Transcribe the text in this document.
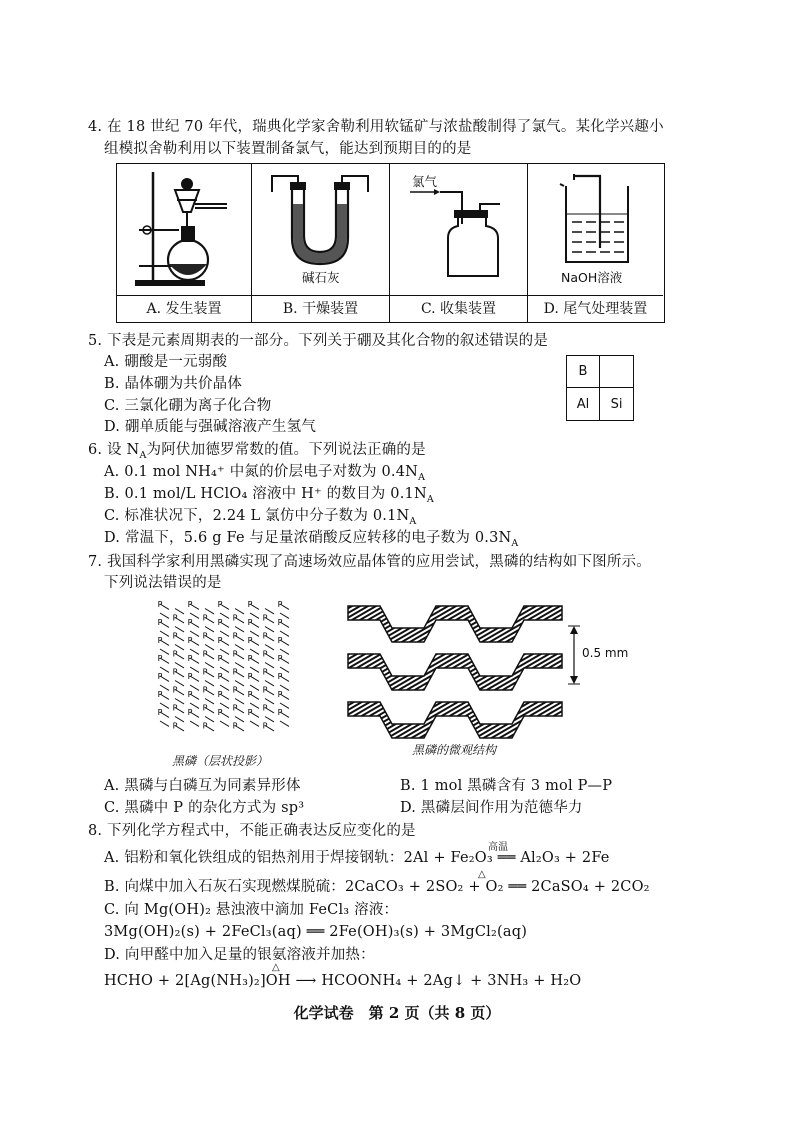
4. 在 18 世纪 70 年代，瑞典化学家舍勒利用软锰矿与浓盐酸制得了氯气。某化学兴趣小
组模拟舍勒利用以下装置制备氯气，能达到预期目的的是
A. 发生装置
碱石灰
B. 干燥装置
氯气
C. 收集装置
NaOH溶液
D. 尾气处理装置
5. 下表是元素周期表的一部分。下列关于硼及其化合物的叙述错误的是
A. 硼酸是一元弱酸
B. 晶体硼为共价晶体
C. 三氯化硼为离子化合物
D. 硼单质能与强碱溶液产生氢气
B
Al	Si
6. 设 $N_A$为阿伏加德罗常数的值。下列说法正确的是
A. 0.1 mol NH₄⁺ 中氮的价层电子对数为 $0.4N_A$
B. 0.1 mol/L HClO₄ 溶液中 H⁺ 的数目为 $0.1N_A$
C. 标准状况下，2.24 L 氯仿中分子数为 $0.1N_A$
D. 常温下，5.6 g Fe 与足量浓硝酸反应转移的电子数为 $0.3N_A$
7. 我国科学家利用黑磷实现了高速场效应晶体管的应用尝试，黑磷的结构如下图所示。
下列说法错误的是
P	P	P	P	P
P	P	P	P
P	P	P	P	P
P	P	P	P
P	P	P	P	P
P	P	P	P
P	P	P	P	P
P	P	P	P
P	P	P	P	P
P	P	P	P
P	P	P	P	P
P	P	P	P
P	P	P	P	P
P	P	P	P
黑磷（层状投影）
0.5 mm
黑磷的微观结构
A. 黑磷与白磷互为同素异形体	B. 1 mol 黑磷含有 3 mol P—P
C. 黑磷中 P 的杂化方式为 sp³	D. 黑磷层间作用为范德华力
8. 下列化学方程式中，不能正确表达反应变化的是
高温
A. 铝粉和氧化铁组成的铝热剂用于焊接钢轨：2Al + Fe₂O₃ ══ Al₂O₃ + 2Fe
△
B. 向煤中加入石灰石实现燃煤脱硫：2CaCO₃ + 2SO₂ + O₂ ══ 2CaSO₄ + 2CO₂
C. 向 Mg(OH)₂ 悬浊液中滴加 FeCl₃ 溶液：
3Mg(OH)₂(s) + 2FeCl₃(aq) ══ 2Fe(OH)₃(s) + 3MgCl₂(aq)
D. 向甲醛中加入足量的银氨溶液并加热：
△
HCHO + 2[Ag(NH₃)₂]OH ⟶ HCOONH₄ + 2Ag↓ + 3NH₃ + H₂O
化学试卷　第 2 页（共 8 页）
